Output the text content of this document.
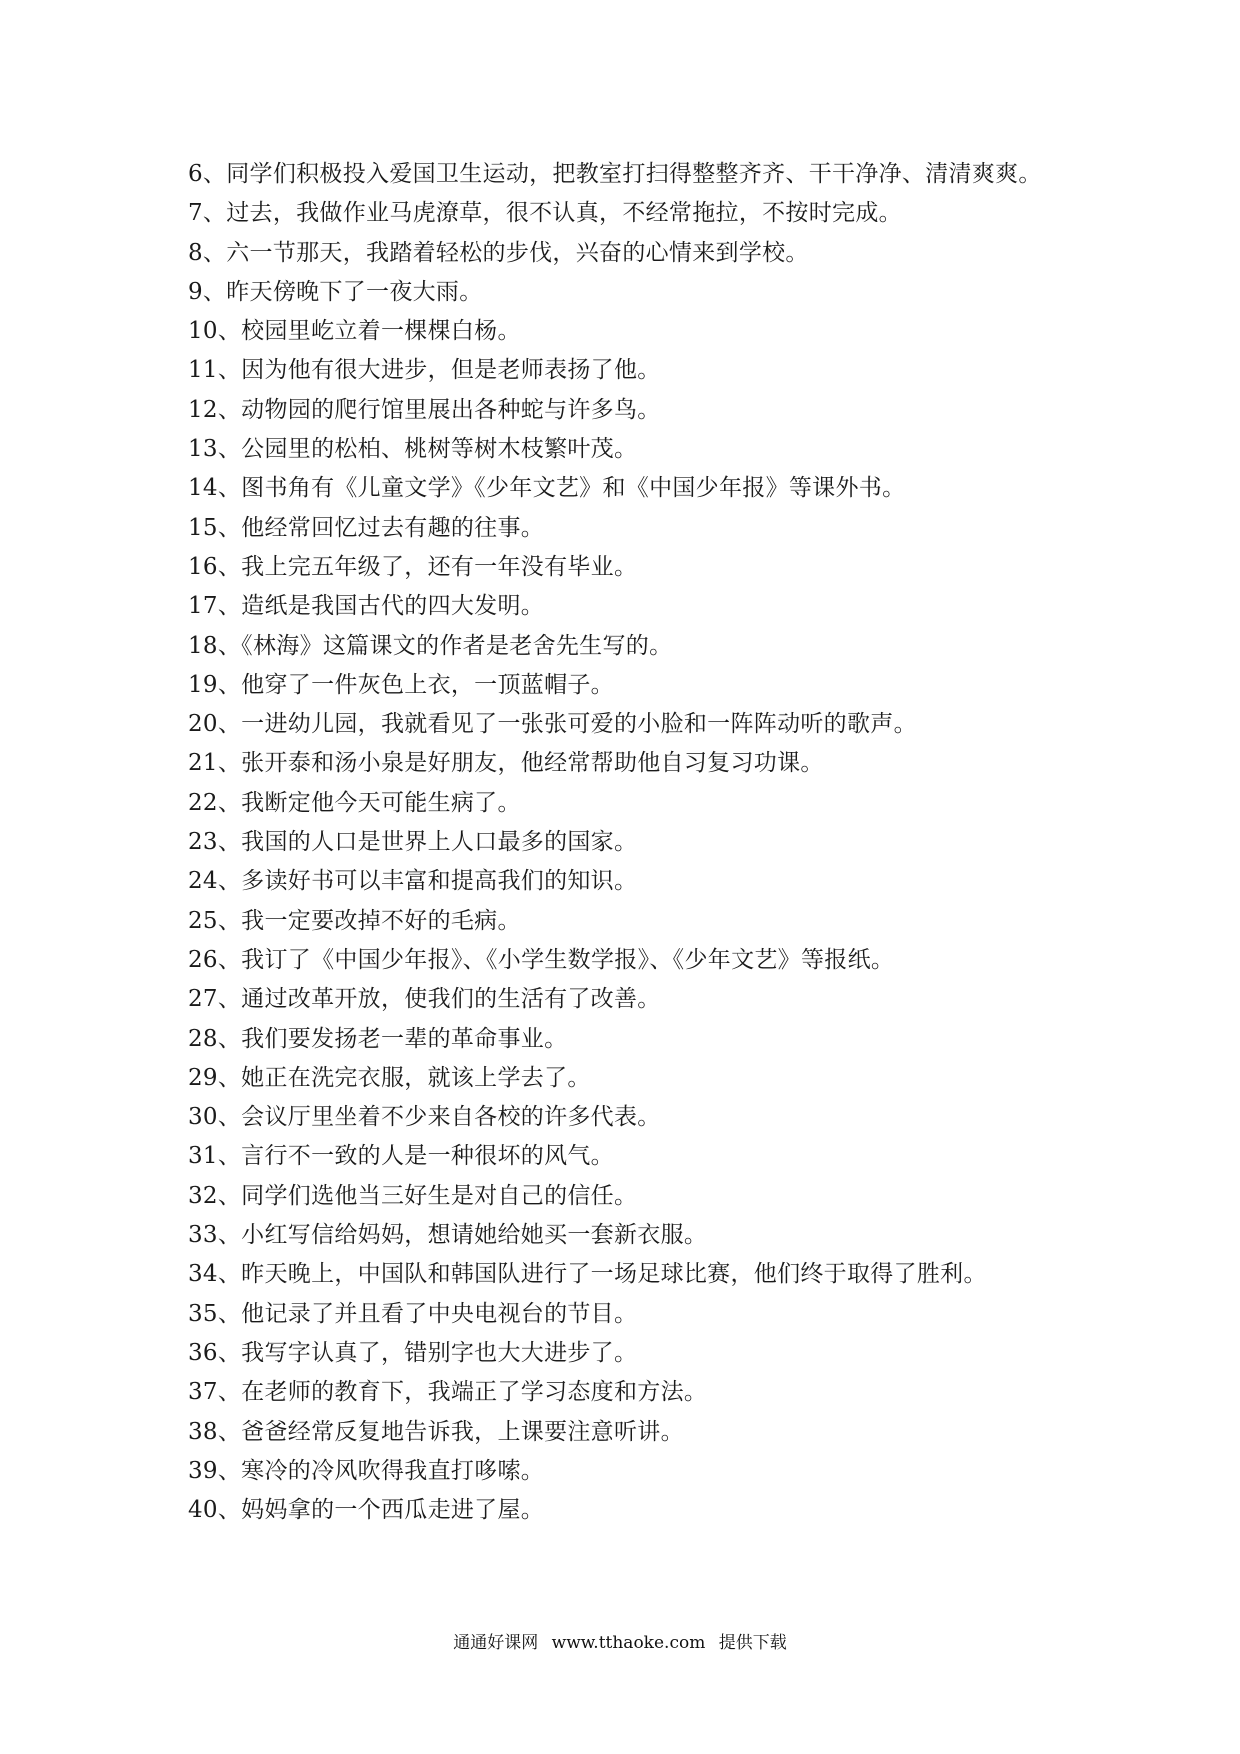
6、同学们积极投入爱国卫生运动，把教室打扫得整整齐齐、干干净净、清清爽爽。
7、过去，我做作业马虎潦草，很不认真，不经常拖拉，不按时完成。
8、六一节那天，我踏着轻松的步伐，兴奋的心情来到学校。
9、昨天傍晚下了一夜大雨。
10、校园里屹立着一棵棵白杨。
11、因为他有很大进步，但是老师表扬了他。
12、动物园的爬行馆里展出各种蛇与许多鸟。
13、公园里的松柏、桃树等树木枝繁叶茂。
14、图书角有《儿童文学》《少年文艺》和《中国少年报》等课外书。
15、他经常回忆过去有趣的往事。
16、我上完五年级了，还有一年没有毕业。
17、造纸是我国古代的四大发明。
18、《林海》这篇课文的作者是老舍先生写的。
19、他穿了一件灰色上衣，一顶蓝帽子。
20、一进幼儿园，我就看见了一张张可爱的小脸和一阵阵动听的歌声。
21、张开泰和汤小泉是好朋友，他经常帮助他自习复习功课。
22、我断定他今天可能生病了。
23、我国的人口是世界上人口最多的国家。
24、多读好书可以丰富和提高我们的知识。
25、我一定要改掉不好的毛病。
26、我订了《中国少年报》、《小学生数学报》、《少年文艺》等报纸。
27、通过改革开放，使我们的生活有了改善。
28、我们要发扬老一辈的革命事业。
29、她正在洗完衣服，就该上学去了。
30、会议厅里坐着不少来自各校的许多代表。
31、言行不一致的人是一种很坏的风气。
32、同学们选他当三好生是对自己的信任。
33、小红写信给妈妈，想请她给她买一套新衣服。
34、昨天晚上，中国队和韩国队进行了一场足球比赛，他们终于取得了胜利。
35、他记录了并且看了中央电视台的节目。
36、我写字认真了，错别字也大大进步了。
37、在老师的教育下，我端正了学习态度和方法。
38、爸爸经常反复地告诉我，上课要注意听讲。
39、寒冷的冷风吹得我直打哆嗦。
40、妈妈拿的一个西瓜走进了屋。
通通好课网 www.tthaoke.com 提供下载
